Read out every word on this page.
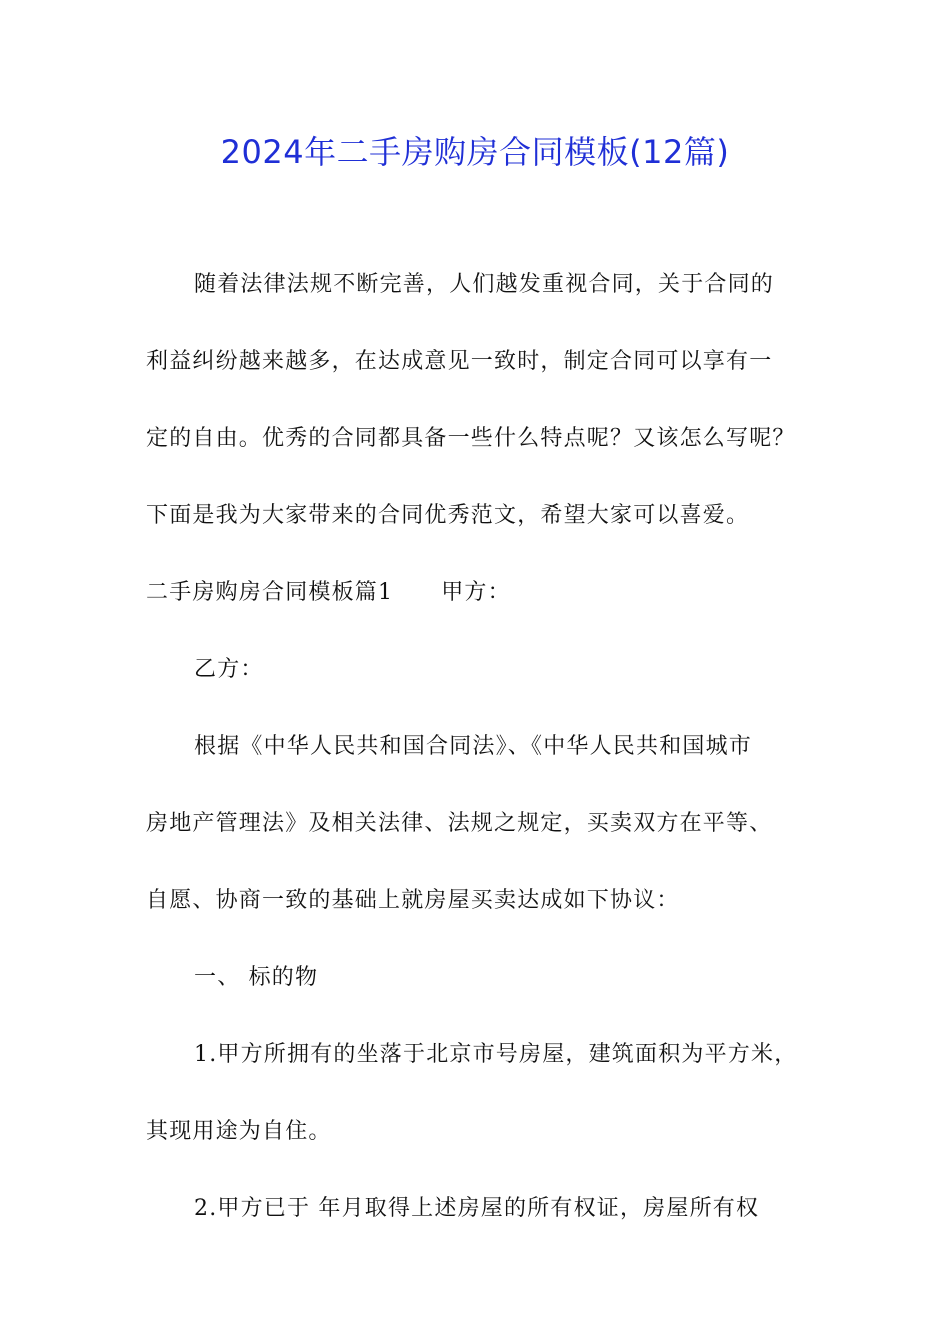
2024年二手房购房合同模板(12篇)
随着法律法规不断完善，人们越发重视合同，关于合同的
利益纠纷越来越多，在达成意见一致时，制定合同可以享有一
定的自由。优秀的合同都具备一些什么特点呢？又该怎么写呢？
下面是我为大家带来的合同优秀范文，希望大家可以喜爱。
二手房购房合同模板篇1 甲方：
乙方：
根据《中华人民共和国合同法》、《中华人民共和国城市
房地产管理法》及相关法律、法规之规定，买卖双方在平等、
自愿、协商一致的基础上就房屋买卖达成如下协议：
一、 标的物
1.甲方所拥有的坐落于北京市号房屋，建筑面积为平方米，
其现用途为自住。
2.甲方已于 年月取得上述房屋的所有权证，房屋所有权
